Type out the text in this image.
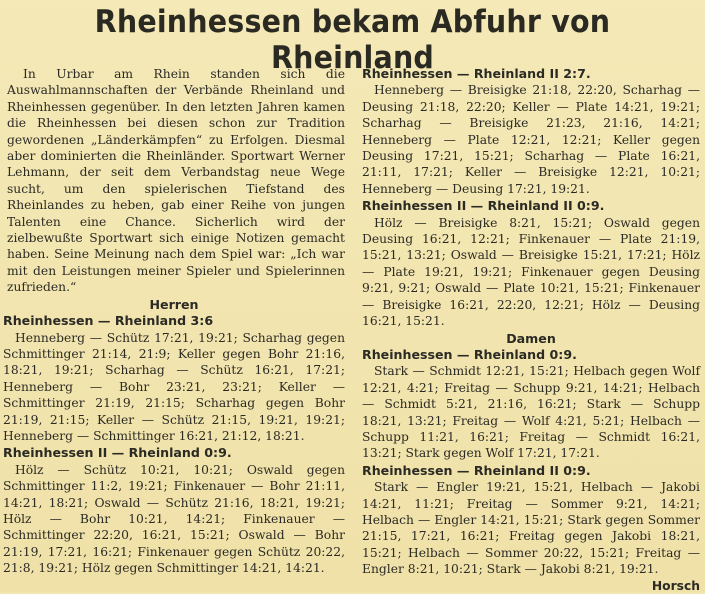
Rheinhessen bekam Abfuhr von Rheinland

In Urbar am Rhein standen sich die Auswahlmannschaften der Verbände Rheinland und Rheinhessen gegenüber. In den letzten Jahren kamen die Rheinhessen bei diesen schon zur Tradition gewordenen „Länderkämpfen“ zu Erfolgen. Diesmal aber dominierten die Rheinländer. Sportwart Werner Lehmann, der seit dem Verbandstag neue Wege sucht, um den spielerischen Tiefstand des Rheinlandes zu heben, gab einer Reihe von jungen Talenten eine Chance. Sicherlich wird der zielbewußte Sportwart sich einige Notizen gemacht haben. Seine Meinung nach dem Spiel war: „Ich war mit den Leistungen meiner Spieler und Spielerinnen zufrieden.“

Herren

Rheinhessen — Rheinland 3:6

Henneberg — Schütz 17:21, 19:21; Scharhag gegen Schmittinger 21:14, 21:9; Keller gegen Bohr 21:16, 18:21, 19:21; Scharhag — Schütz 16:21, 17:21; Henneberg — Bohr 23:21, 23:21; Keller — Schmittinger 21:19, 21:15; Scharhag gegen Bohr 21:19, 21:15; Keller — Schütz 21:15, 19:21, 19:21; Henneberg — Schmittinger 16:21, 21:12, 18:21.

Rheinhessen II — Rheinland 0:9.

Hölz — Schütz 10:21, 10:21; Oswald gegen Schmittinger 11:2, 19:21; Finkenauer — Bohr 21:11, 14:21, 18:21; Oswald — Schütz 21:16, 18:21, 19:21; Hölz — Bohr 10:21, 14:21; Finkenauer — Schmittinger 22:20, 16:21, 15:21; Oswald — Bohr 21:19, 17:21, 16:21; Finkenauer gegen Schütz 20:22, 21:8, 19:21; Hölz gegen Schmittinger 14:21, 14:21.

Rheinhessen — Rheinland II 2:7.

Henneberg — Breisigke 21:18, 22:20, Scharhag — Deusing 21:18, 22:20; Keller — Plate 14:21, 19:21; Scharhag — Breisigke 21:23, 21:16, 14:21; Henneberg — Plate 12:21, 12:21; Keller gegen Deusing 17:21, 15:21; Scharhag — Plate 16:21, 21:11, 17:21; Keller — Breisigke 12:21, 10:21; Henneberg — Deusing 17:21, 19:21.

Rheinhessen II — Rheinland II 0:9.

Hölz — Breisigke 8:21, 15:21; Oswald gegen Deusing 16:21, 12:21; Finkenauer — Plate 21:19, 15:21, 13:21; Oswald — Breisigke 15:21, 17:21; Hölz — Plate 19:21, 19:21; Finkenauer gegen Deusing 9:21, 9:21; Oswald — Plate 10:21, 15:21; Finkenauer — Breisigke 16:21, 22:20, 12:21; Hölz — Deusing 16:21, 15:21.

Damen

Rheinhessen — Rheinland 0:9.

Stark — Schmidt 12:21, 15:21; Helbach gegen Wolf 12:21, 4:21; Freitag — Schupp 9:21, 14:21; Helbach — Schmidt 5:21, 21:16, 16:21; Stark — Schupp 18:21, 13:21; Freitag — Wolf 4:21, 5:21; Helbach — Schupp 11:21, 16:21; Freitag — Schmidt 16:21, 13:21; Stark gegen Wolf 17:21, 17:21.

Rheinhessen — Rheinland II 0:9.

Stark — Engler 19:21, 15:21, Helbach — Jakobi 14:21, 11:21; Freitag — Sommer 9:21, 14:21; Helbach — Engler 14:21, 15:21; Stark gegen Sommer 21:15, 17:21, 16:21; Freitag gegen Jakobi 18:21, 15:21; Helbach — Sommer 20:22, 15:21; Freitag — Engler 8:21, 10:21; Stark — Jakobi 8:21, 19:21.
Horsch
